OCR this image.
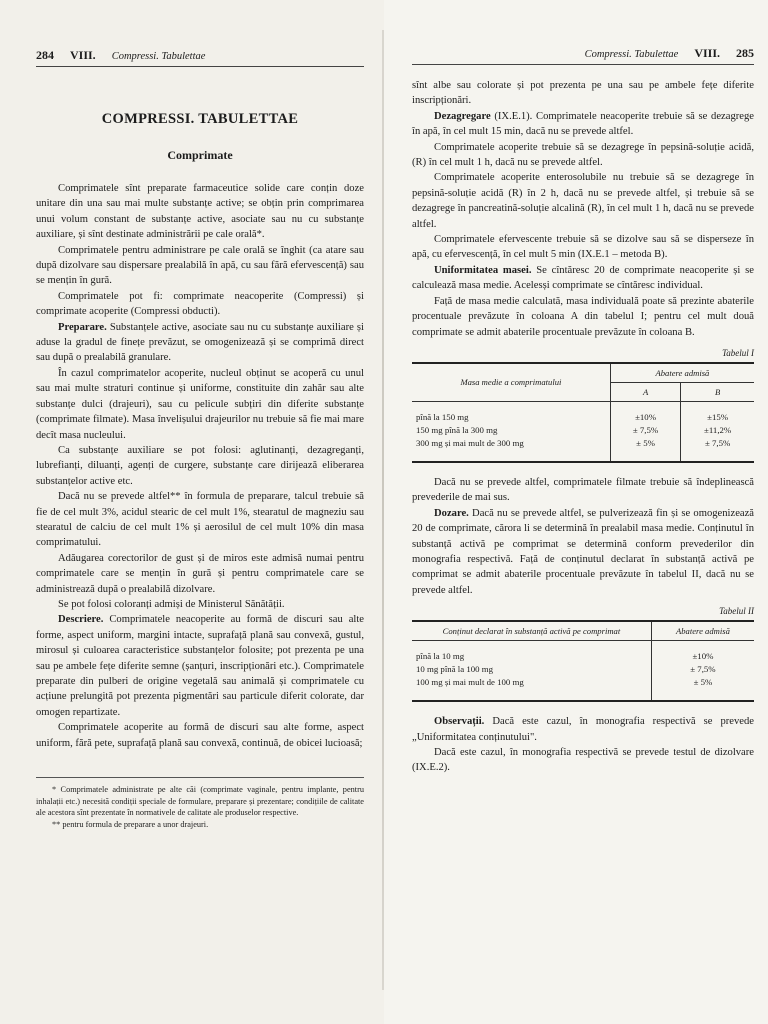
284 VIII. Compressi. Tabulettae
COMPRESSI. TABULETTAE
Comprimate

Comprimatele sînt preparate farmaceutice solide care conțin doze unitare din una sau mai multe substanțe active; se obțin prin comprimarea unui volum constant de substanțe active, asociate sau nu cu substanțe auxiliare, și sînt destinate administrării pe cale orală*.

Comprimatele pentru administrare pe cale orală se înghit (ca atare sau după dizolvare sau dispersare prealabilă în apă, cu sau fără efervescență) sau se mențin în gură.

Comprimatele pot fi: comprimate neacoperite (Compressi) și comprimate acoperite (Compressi obducti).

Preparare. Substanțele active, asociate sau nu cu substanțe auxiliare și aduse la gradul de finețe prevăzut, se omogenizează și se comprimă direct sau după o prealabilă granulare.

În cazul comprimatelor acoperite, nucleul obținut se acoperă cu unul sau mai multe straturi continue și uniforme, constituite din zahăr sau alte substanțe dulci (drajeuri), sau cu pelicule subțiri din diferite substanțe (comprimate filmate). Masa învelișului drajeurilor nu trebuie să fie mai mare decît masa nucleului.

Ca substanțe auxiliare se pot folosi: aglutinanți, dezagreganți, lubrefianți, diluanți, agenți de curgere, substanțe care dirijează eliberarea substanțelor active etc.

Dacă nu se prevede altfel** în formula de preparare, talcul trebuie să fie de cel mult 3%, acidul stearic de cel mult 1%, stearatul de magneziu sau stearatul de calciu de cel mult 1% și aerosilul de cel mult 10% din masa comprimatului.

Adăugarea corectorilor de gust și de miros este admisă numai pentru comprimatele care se mențin în gură și pentru comprimatele care se administrează după o prealabilă dizolvare.

Se pot folosi coloranți admiși de Ministerul Sănătății.

Descriere. Comprimatele neacoperite au formă de discuri sau alte forme, aspect uniform, margini intacte, suprafață plană sau convexă, gustul, mirosul și culoarea caracteristice substanțelor folosite; pot prezenta pe una sau pe ambele fețe diferite semne (șanțuri, inscripționări etc.). Comprimatele preparate din pulberi de origine vegetală sau animală și comprimatele cu acțiune prelungită pot prezenta pigmentări sau particule diferit colorate, dar omogen repartizate.

Comprimatele acoperite au formă de discuri sau alte forme, aspect uniform, fără pete, suprafață plană sau convexă, continuă, de obicei lucioasă;

* Comprimatele administrate pe alte căi (comprimate vaginale, pentru implante, pentru inhalații etc.) necesită condiții speciale de formulare, preparare și prezentare; condițiile de calitate ale acestora sînt prezentate în normativele de calitate ale produselor respective.

** pentru formula de preparare a unor drajeuri.

Compressi. Tabulettae VIII. 285

sînt albe sau colorate și pot prezenta pe una sau pe ambele fețe diferite inscripționări.

Dezagregare (IX.E.1). Comprimatele neacoperite trebuie să se dezagrege în apă, în cel mult 15 min, dacă nu se prevede altfel.

Comprimatele acoperite trebuie să se dezagrege în pepsină-soluție acidă, (R) în cel mult 1 h, dacă nu se prevede altfel.

Comprimatele acoperite enterosolubile nu trebuie să se dezagrege în pepsină-soluție acidă (R) în 2 h, dacă nu se prevede altfel, și trebuie să se dezagrege în pancreatină-soluție alcalină (R), în cel mult 1 h, dacă nu se prevede altfel.

Comprimatele efervescente trebuie să se dizolve sau să se disperseze în apă, cu efervescență, în cel mult 5 min (IX.E.1 – metoda B).

Uniformitatea masei. Se cîntăresc 20 de comprimate neacoperite și se calculează masa medie. Acelesși comprimate se cîntăresc individual.

Față de masa medie calculată, masa individuală poate să prezinte abaterile procentuale prevăzute în coloana A din tabelul I; pentru cel mult două comprimate se admit abaterile procentuale prevăzute în coloana B.

Tabelul I
Masa medie a comprimatului	Abatere admisă	
	A	B
pînă la 150 mg	±10%	±15%
150 mg pînă la 300 mg	± 7,5%	±11,2%
300 mg și mai mult de 300 mg	± 5%	± 7,5%

Dacă nu se prevede altfel, comprimatele filmate trebuie să îndeplinească prevederile de mai sus.

Dozare. Dacă nu se prevede altfel, se pulverizează fin și se omogenizează 20 de comprimate, cărora li se determină în prealabil masa medie. Conținutul în substanță activă pe comprimat se determină conform prevederilor din monografia respectivă. Față de conținutul declarat în substanță activă pe comprimat se admit abaterile procentuale prevăzute în tabelul II, dacă nu se prevede altfel.

Tabelul II
Conținut declarat în substanță activă pe comprimat	Abatere admisă
pînă la 10 mg	±10%
10 mg pînă la 100 mg	± 7,5%
100 mg și mai mult de 100 mg	± 5%

Observații. Dacă este cazul, în monografia respectivă se prevede „Uniformitatea conținutului".

Dacă este cazul, în monografia respectivă se prevede testul de dizolvare (IX.E.2).
